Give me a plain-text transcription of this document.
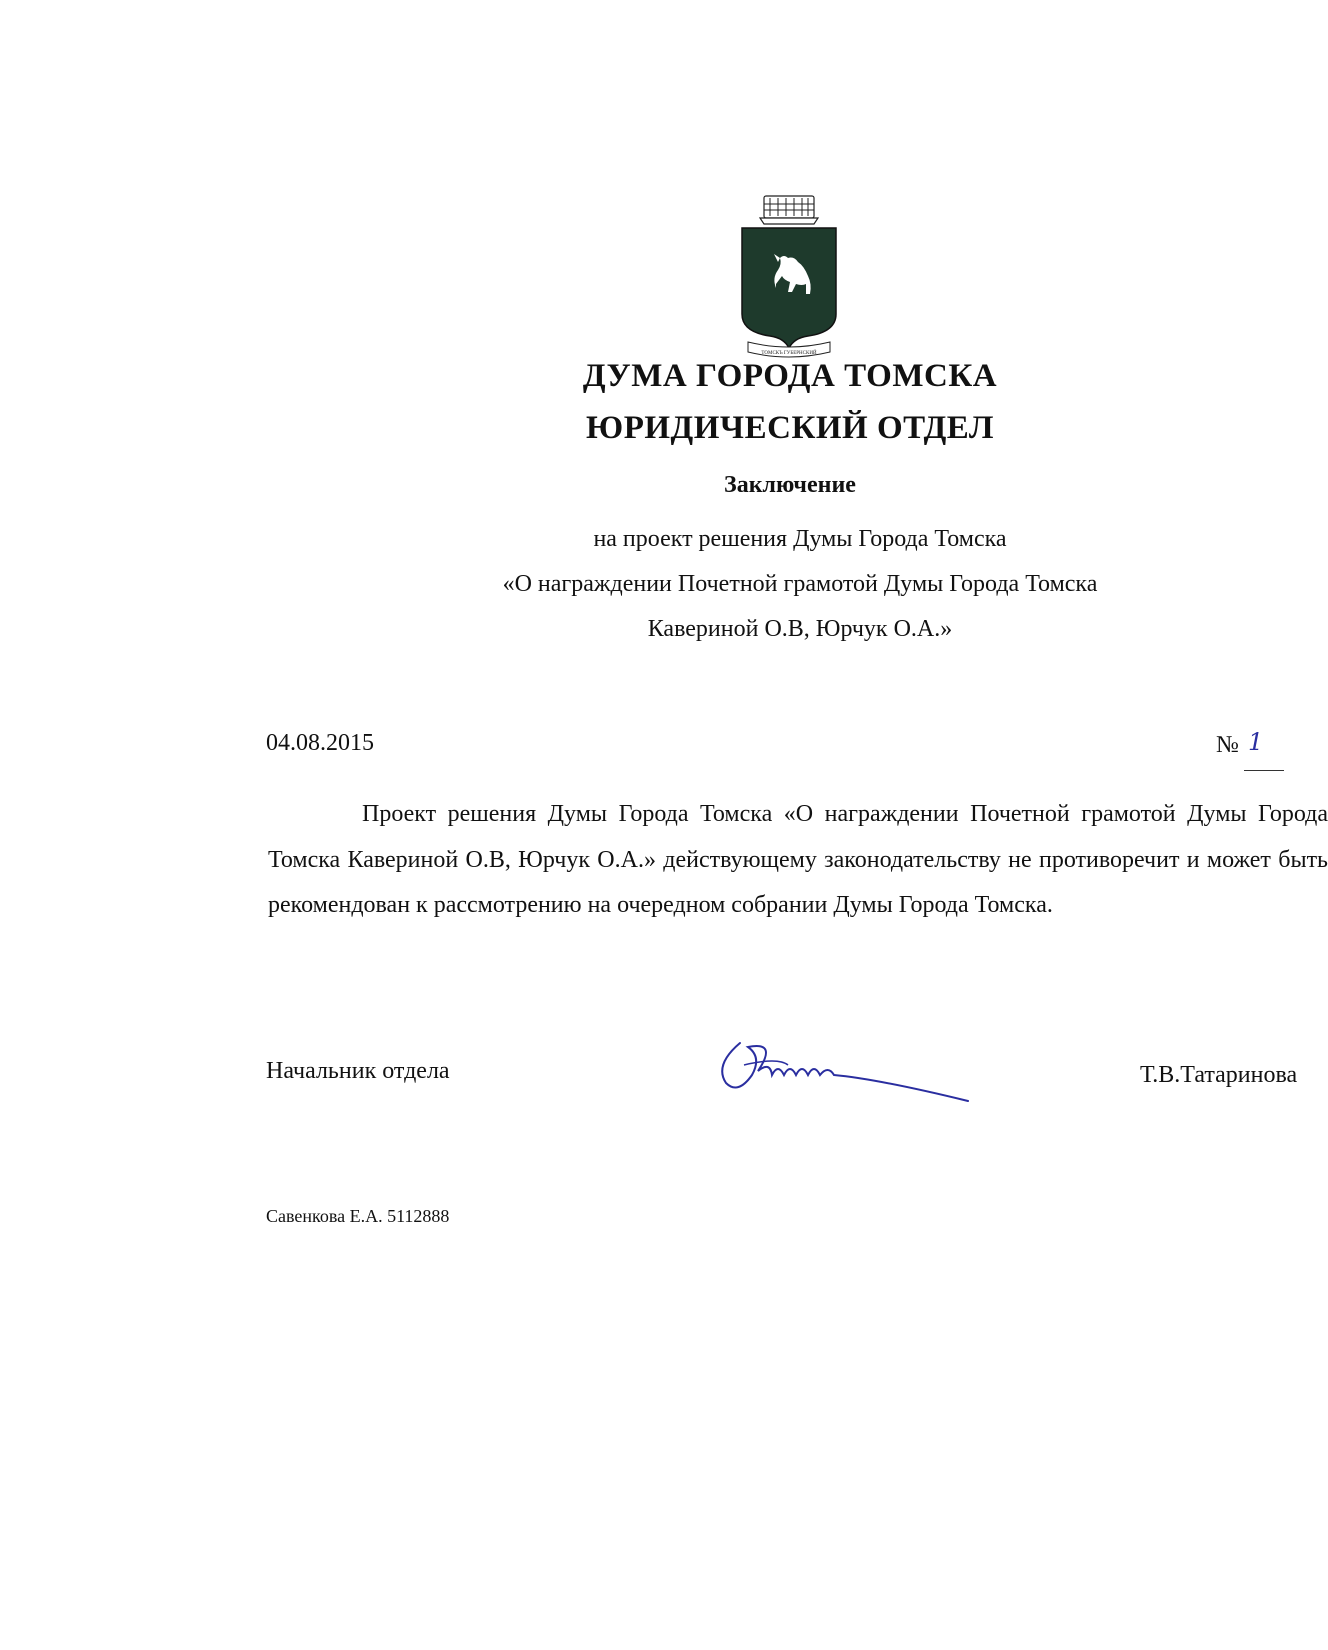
ТОМСКЪ ГУБЕРНСКИЙ
ДУМА ГОРОДА ТОМСКА
ЮРИДИЧЕСКИЙ ОТДЕЛ
Заключение
на проект решения Думы Города Томска
«О награждении Почетной грамотой Думы Города Томска
Кавериной О.В, Юрчук О.А.»
04.08.2015	№ 1
Проект решения Думы Города Томска «О награждении Почетной грамотой Думы Города Томска Кавериной О.В, Юрчук О.А.» действующему законодательству не противоречит и может быть рекомендован к рассмотрению на очередном собрании Думы Города Томска.
Начальник отдела	Т.В.Татаринова
Савенкова Е.А. 5112888
